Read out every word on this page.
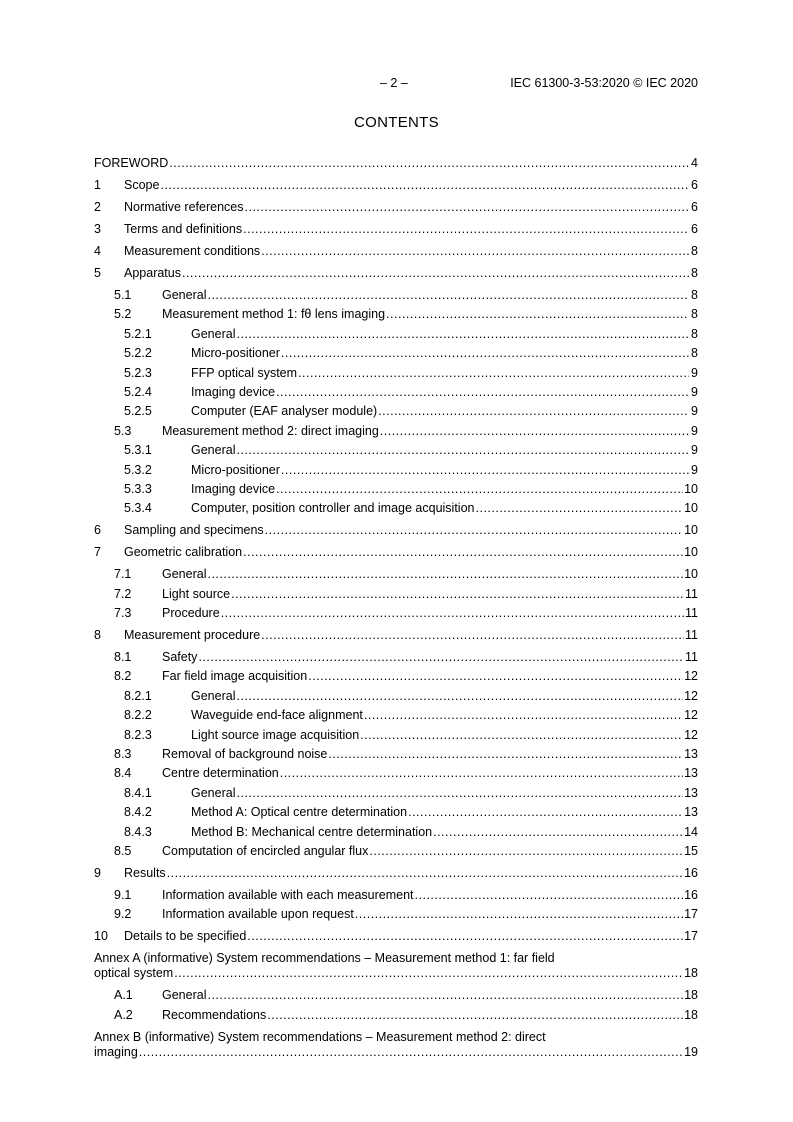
– 2 –	IEC 61300-3-53:2020 © IEC 2020
CONTENTS
FOREWORD .....	4
1	Scope .....	6
2	Normative references .....	6
3	Terms and definitions .....	6
4	Measurement conditions .....	8
5	Apparatus .....	8
5.1	General .....	8
5.2	Measurement method 1: fθ lens imaging .....	8
5.2.1	General .....	8
5.2.2	Micro-positioner .....	8
5.2.3	FFP optical system .....	9
5.2.4	Imaging device .....	9
5.2.5	Computer (EAF analyser module) .....	9
5.3	Measurement method 2: direct imaging .....	9
5.3.1	General .....	9
5.3.2	Micro-positioner .....	9
5.3.3	Imaging device .....	10
5.3.4	Computer, position controller and image acquisition .....	10
6	Sampling and specimens .....	10
7	Geometric calibration .....	10
7.1	General .....	10
7.2	Light source .....	11
7.3	Procedure .....	11
8	Measurement procedure .....	11
8.1	Safety .....	11
8.2	Far field image acquisition .....	12
8.2.1	General .....	12
8.2.2	Waveguide end-face alignment .....	12
8.2.3	Light source image acquisition .....	12
8.3	Removal of background noise .....	13
8.4	Centre determination .....	13
8.4.1	General .....	13
8.4.2	Method A: Optical centre determination .....	13
8.4.3	Method B: Mechanical centre determination .....	14
8.5	Computation of encircled angular flux .....	15
9	Results .....	16
9.1	Information available with each measurement .....	16
9.2	Information available upon request .....	17
10	Details to be specified .....	17
Annex A (informative) System recommendations – Measurement method 1: far field
optical system .....	18
A.1	General .....	18
A.2	Recommendations .....	18
Annex B (informative) System recommendations – Measurement method 2: direct
imaging .....	19
